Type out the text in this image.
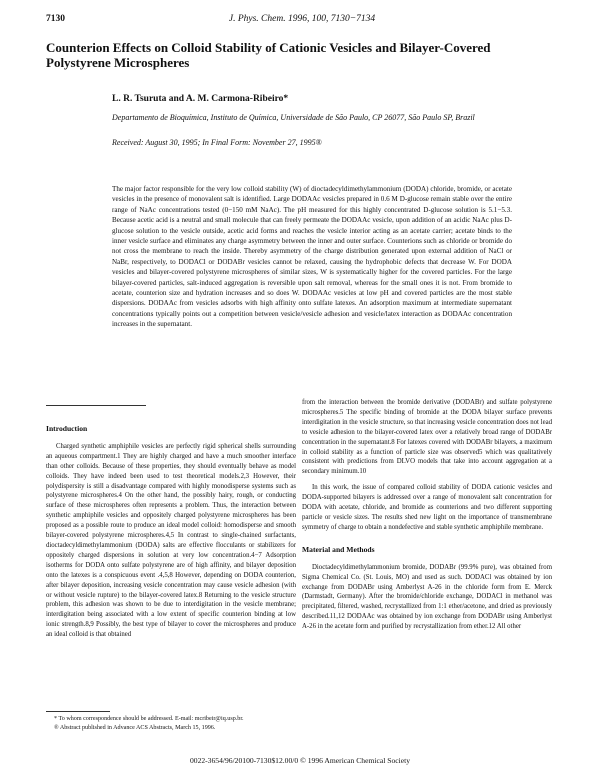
7130	J. Phys. Chem. 1996, 100, 7130−7134
Counterion Effects on Colloid Stability of Cationic Vesicles and Bilayer-Covered Polystyrene Microspheres

L. R. Tsuruta and A. M. Carmona-Ribeiro*

Departamento de Bioquímica, Instituto de Química, Universidade de São Paulo, CP 26077, São Paulo SP, Brazil

Received: August 30, 1995; In Final Form: November 27, 1995®

The major factor responsible for the very low colloid stability (W) of dioctadecyldimethylammonium (DODA) chloride, bromide, or acetate vesicles in the presence of monovalent salt is identified. Large DODAAc vesicles prepared in 0.6 M D-glucose remain stable over the entire range of NaAc concentrations tested (0−150 mM NaAc). The pH measured for this highly concentrated D-glucose solution is 5.1−5.3. Because acetic acid is a neutral and small molecule that can freely permeate the DODAAc vesicle, upon addition of an acidic NaAc plus D-glucose solution to the vesicle outside, acetic acid forms and reaches the vesicle interior acting as an acetate carrier; acetate binds to the inner vesicle surface and eliminates any charge asymmetry between the inner and outer surface. Counterions such as chloride or bromide do not cross the membrane to reach the inside. Thereby asymmetry of the charge distribution generated upon external addition of NaCl or NaBr, respectively, to DODACl or DODABr vesicles cannot be relaxed, causing the hydrophobic defects that decrease W. For DODA vesicles and bilayer-covered polystyrene microspheres of similar sizes, W is systematically higher for the covered particles. For the large bilayer-covered particles, salt-induced aggregation is reversible upon salt removal, whereas for the small ones it is not. From bromide to acetate, counterion size and hydration increases and so does W. DODAAc vesicles at low pH and covered particles are the most stable dispersions. DODAAc from vesicles adsorbs with high affinity onto sulfate latexes. An adsorption maximum at intermediate supernatant concentrations typically points out a competition between vesicle/vesicle adhesion and vesicle/latex interaction as DODAAc concentration increases in the supernatant.

Introduction

Charged synthetic amphiphile vesicles are perfectly rigid spherical shells surrounding an aqueous compartment.1 They are highly charged and have a much smoother interface than other colloids. Because of these properties, they should eventually behave as model colloids. They have indeed been used to test theoretical models.2,3 However, their polydispersity is still a disadvantage compared with highly monodisperse systems such as polystyrene microspheres.4 On the other hand, the possibly hairy, rough, or conducting surface of these microspheres often represents a problem. Thus, the interaction between synthetic amphiphile vesicles and oppositely charged polystyrene microspheres has been proposed as a possible route to produce an ideal model colloid: homodisperse and smooth bilayer-covered polystyrene microspheres.4,5 In contrast to single-chained surfactants, dioctadecyldimethylammonium (DODA) salts are effective flocculants or stabilizers for oppositely charged dispersions in solution at very low concentration.4−7 Adsorption isotherms for DODA onto sulfate polystyrene are of high affinity, and bilayer deposition onto the latexes is a conspicuous event .4,5,8 However, depending on DODA counterion, after bilayer deposition, increasing vesicle concentration may cause vesicle adhesion (with or without vesicle rupture) to the bilayer-covered latex.8 Returning to the vesicle structure problem, this adhesion was shown to be due to interdigitation in the vesicle membrane; interdigitation being associated with a low extent of specific counterion binding at low ionic strength.8,9 Possibly, the best type of bilayer to cover the microspheres and produce an ideal colloid is that obtained

from the interaction between the bromide derivative (DODABr) and sulfate polystyrene microspheres.5 The specific binding of bromide at the DODA bilayer surface prevents interdigitation in the vesicle structure, so that increasing vesicle concentration does not lead to vesicle adhesion to the bilayer-covered latex over a relatively broad range of DODABr concentration in the supernatant.8 For latexes covered with DODABr bilayers, a maximum in colloid stability as a function of particle size was observed5 which was qualitatively consistent with predictions from DLVO models that take into account aggregation at a secondary minimum.10

In this work, the issue of compared colloid stability of DODA cationic vesicles and DODA-supported bilayers is addressed over a range of monovalent salt concentration for DODA with acetate, chloride, and bromide as counterions and two different supporting particle or vesicle sizes. The results shed new light on the importance of transmembrane symmetry of charge to obtain a nondefective and stable synthetic amphiphile membrane.

Material and Methods

Dioctadecyldimethylammonium bromide, DODABr (99.9% pure), was obtained from Sigma Chemical Co. (St. Louis, MO) and used as such. DODACl was obtained by ion exchange from DODABr using Amberlyst A-26 in the chloride form from E. Merck (Darmstadt, Germany). After the bromide/chloride exchange, DODACl in methanol was precipitated, filtered, washed, recrystallized from 1:1 ether/acetone, and dried as previously described.11,12 DODAAc was obtained by ion exchange from DODABr using Amberlyst A-26 in the acetate form and purified by recrystallization from ether.12 All other

* To whom correspondence should be addressed. E-mail: mcribeir@iq.usp.br.
® Abstract published in Advance ACS Abstracts, March 15, 1996.
0022-3654/96/20100-7130$12.00/0 © 1996 American Chemical Society
